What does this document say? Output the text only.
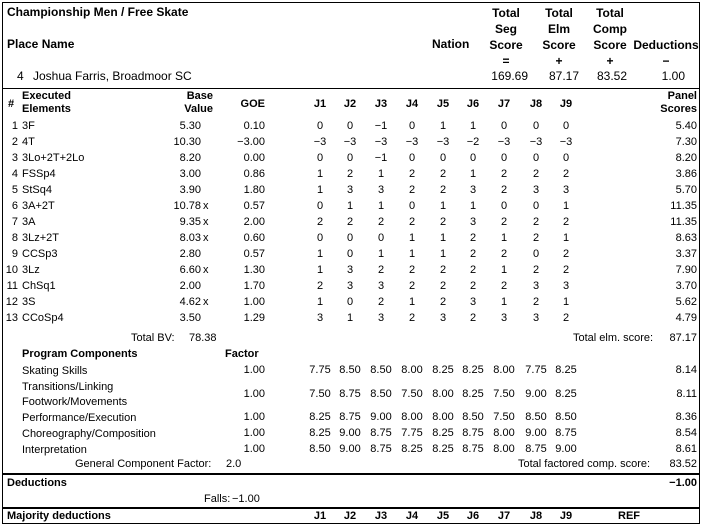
Championship Men / Free Skate
Place Name	Nation
Total
Seg
Score
=
Total
Elm
Score
+
Total
Comp
Score
+
Deductions
−
4 Joshua Farris, Broadmoor SC	169.69	87.17	83.52	1.00
#
Executed
Elements
Base
Value	GOE	J1	J2	J3	J4	J5	J6	J7	J8	J9
Panel
Scores
1 3F	5.30	0.10	0	0	−1	0	1	1	0	0	0	5.40
2 4T	10.30	−3.00	−3	−3	−3	−3	−3	−2	−3	−3	−3	7.30
3 3Lo+2T+2Lo	8.20	0.00	0	0	−1	0	0	0	0	0	0	8.20
4 FSSp4	3.00	0.86	1	2	1	2	2	1	2	2	2	3.86
5 StSq4	3.90	1.80	1	3	3	2	2	3	2	3	3	5.70
6 3A+2T	10.78 x	0.57	0	1	1	0	1	1	0	0	1	11.35
7 3A	9.35 x	2.00	2	2	2	2	2	3	2	2	2	11.35
8 3Lz+2T	8.03 x	0.60	0	0	0	1	1	2	1	2	1	8.63
9 CCSp3	2.80	0.57	1	0	1	1	1	2	2	0	2	3.37
10 3Lz	6.60 x	1.30	1	3	2	2	2	2	1	2	2	7.90
11 ChSq1	2.00	1.70	2	3	3	2	2	2	2	3	3	3.70
12 3S	4.62 x	1.00	1	0	2	1	2	3	1	2	1	5.62
13 CCoSp4	3.50	1.29	3	1	3	2	3	2	3	3	2	4.79
Total BV: 78.38	Total elm. score:	87.17
Program Components	Factor
Skating Skills	1.00	7.75 8.50 8.50 8.00 8.25 8.25 8.00 7.75 8.25	8.14
Transitions/Linking
Footwork/Movements
1.00	7.50 8.75 8.50 7.50 8.00 8.25 7.50 9.00 8.25	8.11
Performance/Execution	1.00	8.25 8.75 9.00 8.00 8.00 8.50 7.50 8.50 8.50	8.36
Choreography/Composition	1.00	8.25 9.00 8.75 7.75 8.25 8.75 8.00 9.00 8.75	8.54
Interpretation	1.00	8.50 9.00 8.75 8.25 8.25 8.75 8.00 8.75 9.00	8.61
General Component Factor: 2.0	Total factored comp. score:	83.52
Deductions	−1.00
Falls: −1.00
Majority deductions	J1	J2	J3	J4	J5	J6	J7	J8	J9	REF
